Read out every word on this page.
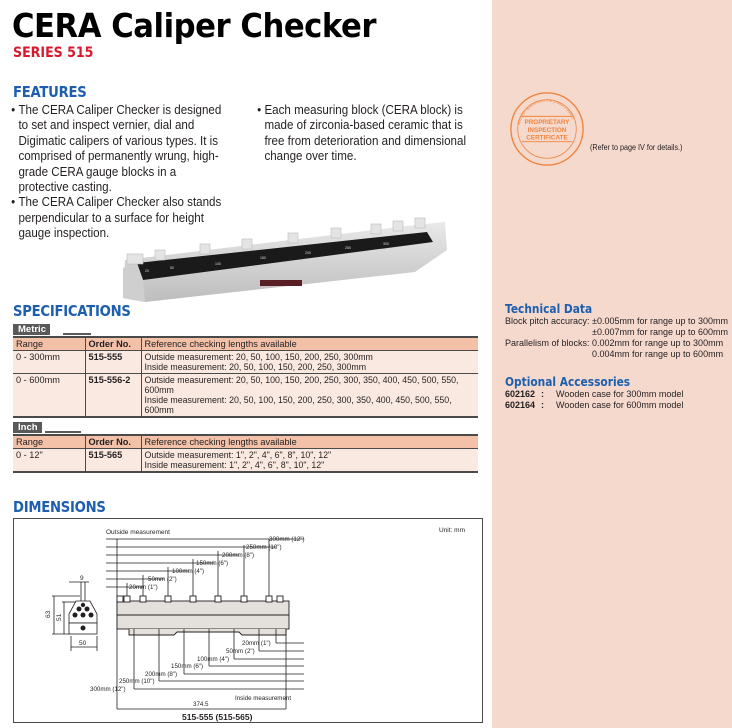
CERA Caliper Checker
SERIES 515
FEATURES
• The CERA Caliper Checker is designed to set and inspect vernier, dial and Digimatic calipers of various types. It is comprised of permanently wrung, high-grade CERA gauge blocks in a protective casting.
• The CERA Caliper Checker also stands perpendicular to a surface for height gauge inspection.
• Each measuring block (CERA block) is made of zirconia-based ceramic that is free from deterioration and dimensional change over time.
20
50
100
150
200
250
300
PROPRIETARY
INSPECTION
CERTIFICATE
Mitutoyo guarantees the product quality
(Refer to page IV for details.)
SPECIFICATIONS
Metric
Range	Order No.	Reference checking lengths available
0 - 300mm	515-555	Outside measurement: 20, 50, 100, 150, 200, 250, 300mm
Inside measurement: 20, 50, 100, 150, 200, 250, 300mm

0 - 600mm	515-556-2	Outside measurement: 20, 50, 100, 150, 200, 250, 300, 350, 400, 450, 500, 550, 600mm
Inside measurement: 20, 50, 100, 150, 200, 250, 300, 350, 400, 450, 500, 550, 600mm
Inch
Range	Order No.	Reference checking lengths available
0 - 12"	515-565	Outside measurement: 1", 2", 4", 6", 8", 10", 12"
Inside measurement: 1", 2", 4", 6", 8", 10", 12"
Technical Data
Block pitch accuracy: ±0.005mm for range up to 300mm
±0.007mm for range up to 600mm
Parallelism of blocks: 0.002mm for range up to 300mm
0.004mm for range up to 600mm
Optional Accessories
602162 : Wooden case for 300mm model
602164 : Wooden case for 600mm model
DIMENSIONS
Unit: mm
Outside measurement
300mm (12")
250mm (10")
200mm (8")
150mm (6")
100mm (4")
50mm (2")
20mm (1")
20mm (1")
50mm (2")
100mm (4")
150mm (6")
200mm (8")
250mm (10")
300mm (12")
Inside measurement
374.5
515-555 (515-565)
9
63 51
50
